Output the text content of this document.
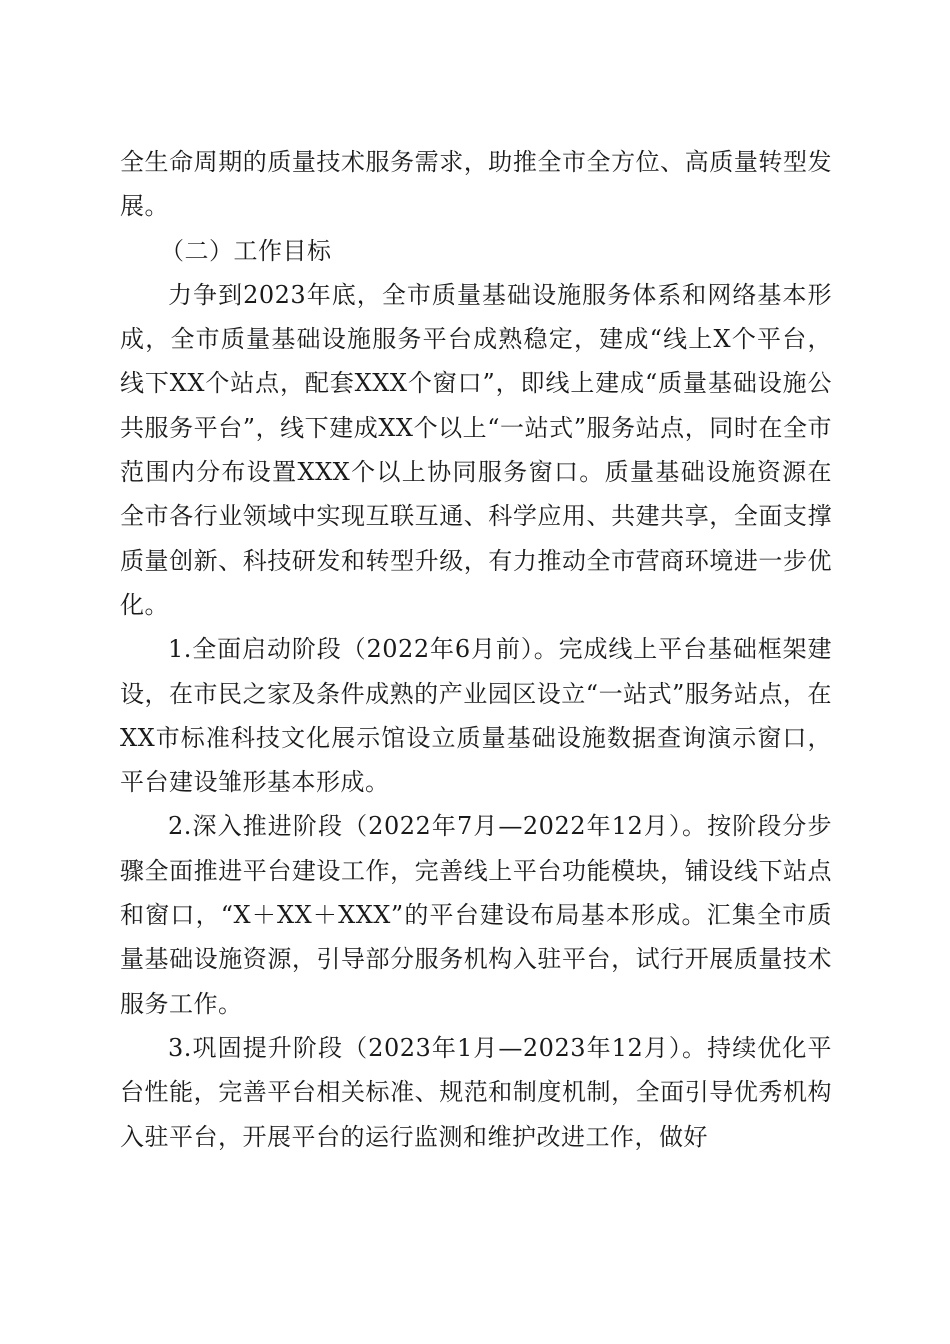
全生命周期的质量技术服务需求，助推全市全方位、高质量转型发展。

（二）工作目标

力争到2023年底，全市质量基础设施服务体系和网络基本形成，全市质量基础设施服务平台成熟稳定，建成“线上X个平台，线下XX个站点，配套XXX个窗口”，即线上建成“质量基础设施公共服务平台”，线下建成XX个以上“一站式”服务站点，同时在全市范围内分布设置XXX个以上协同服务窗口。质量基础设施资源在全市各行业领域中实现互联互通、科学应用、共建共享，全面支撑质量创新、科技研发和转型升级，有力推动全市营商环境进一步优化。

1.全面启动阶段（2022年6月前）。完成线上平台基础框架建设，在市民之家及条件成熟的产业园区设立“一站式”服务站点，在XX市标准科技文化展示馆设立质量基础设施数据查询演示窗口，平台建设雏形基本形成。

2.深入推进阶段（2022年7月—2022年12月）。按阶段分步骤全面推进平台建设工作，完善线上平台功能模块，铺设线下站点和窗口，“X＋XX＋XXX”的平台建设布局基本形成。汇集全市质量基础设施资源，引导部分服务机构入驻平台，试行开展质量技术服务工作。

3.巩固提升阶段（2023年1月—2023年12月）。持续优化平台性能，完善平台相关标准、规范和制度机制，全面引导优秀机构入驻平台，开展平台的运行监测和维护改进工作，做好
